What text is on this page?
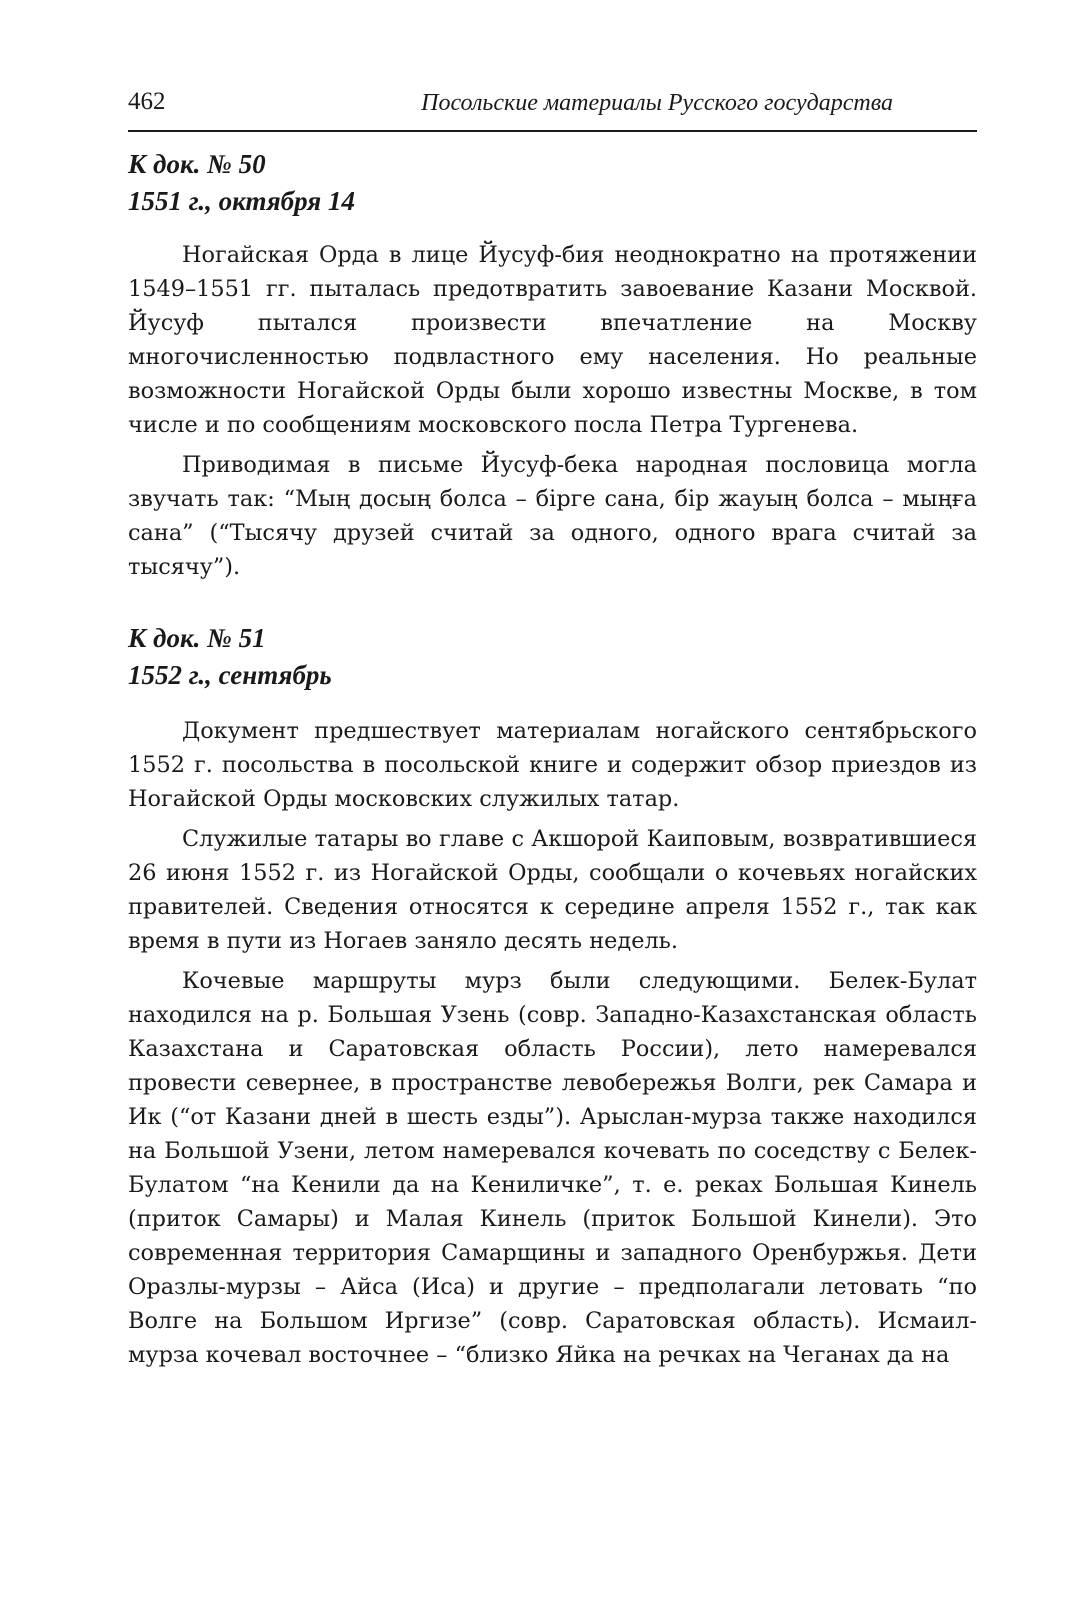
462	Посольские материалы Русского государства
К док. № 50
1551 г., октября 14

Ногайская Орда в лице Йусуф-бия неоднократно на протяжении 1549–1551 гг. пыталась предотвратить завоевание Казани Москвой. Йусуф пытался произвести впечатление на Москву многочисленностью подвластного ему населения. Но реальные возможности Ногайской Орды были хорошо известны Москве, в том числе и по сообщениям московского посла Петра Тургенева.

Приводимая в письме Йусуф-бека народная пословица могла звучать так: “Мың досың болса – бірге сана, бір жауың болса – мыңға сана” (“Тысячу друзей считай за одного, одного врага считай за тысячу”).

К док. № 51
1552 г., сентябрь

Документ предшествует материалам ногайского сентябрьского 1552 г. посольства в посольской книге и содержит обзор приездов из Ногайской Орды московских служилых татар.

Служилые татары во главе с Акшорой Каиповым, возвратившиеся 26 июня 1552 г. из Ногайской Орды, сообщали о кочевьях ногайских правителей. Сведения относятся к середине апреля 1552 г., так как время в пути из Ногаев заняло десять недель.

Кочевые маршруты мурз были следующими. Белек-Булат находился на р. Большая Узень (совр. Западно-Казахстанская область Казахстана и Саратовская область России), лето намеревался провести севернее, в пространстве левобережья Волги, рек Самара и Ик (“от Казани дней в шесть езды”). Арыслан-мурза также находился на Большой Узени, летом намеревался кочевать по соседству с Белек-Булатом “на Кенили да на Кениличке”, т. е. реках Большая Кинель (приток Самары) и Малая Кинель (приток Большой Кинели). Это современная территория Самарщины и западного Оренбуржья. Дети Оразлы-мурзы – Айса (Иса) и другие – предполагали летовать “по Волге на Большом Иргизе” (совр. Саратовская область). Исмаил-мурза кочевал восточнее – “близко Яйка на речках на Чеганах да на
